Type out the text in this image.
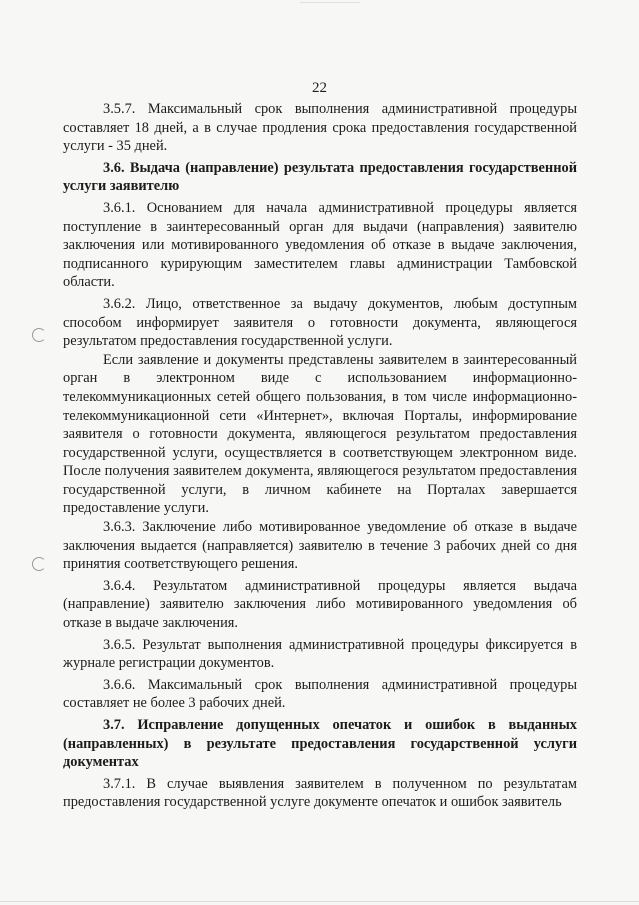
22

3.5.7. Максимальный срок выполнения административной процедуры составляет 18 дней, а в случае продления срока предоставления государственной услуги - 35 дней.

3.6. Выдача (направление) результата предоставления государственной услуги заявителю

3.6.1. Основанием для начала административной процедуры является поступление в заинтересованный орган для выдачи (направления) заявителю заключения или мотивированного уведомления об отказе в выдаче заключения, подписанного курирующим заместителем главы администрации Тамбовской области.

3.6.2. Лицо, ответственное за выдачу документов, любым доступным способом информирует заявителя о готовности документа, являющегося результатом предоставления государственной услуги.

Если заявление и документы представлены заявителем в заинтересованный орган в электронном виде с использованием информационно-телекоммуникационных сетей общего пользования, в том числе информационно-телекоммуникационной сети «Интернет», включая Порталы, информирование заявителя о готовности документа, являющегося результатом предоставления государственной услуги, осуществляется в соответствующем электронном виде. После получения заявителем документа, являющегося результатом предоставления государственной услуги, в личном кабинете на Порталах завершается предоставление услуги.

3.6.3. Заключение либо мотивированное уведомление об отказе в выдаче заключения выдается (направляется) заявителю в течение 3 рабочих дней со дня принятия соответствующего решения.

3.6.4. Результатом административной процедуры является выдача (направление) заявителю заключения либо мотивированного уведомления об отказе в выдаче заключения.

3.6.5. Результат выполнения административной процедуры фиксируется в журнале регистрации документов.

3.6.6. Максимальный срок выполнения административной процедуры составляет не более 3 рабочих дней.

3.7. Исправление допущенных опечаток и ошибок в выданных (направленных) в результате предоставления государственной услуги документах

3.7.1. В случае выявления заявителем в полученном по результатам предоставления государственной услуге документе опечаток и ошибок заявитель
